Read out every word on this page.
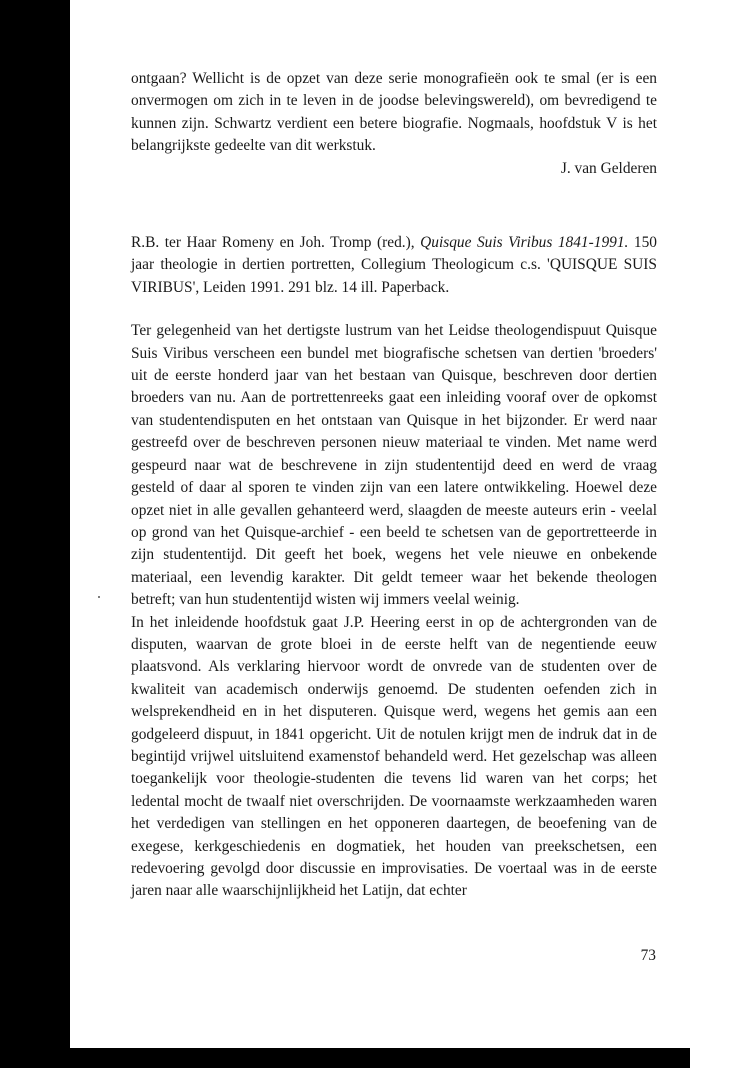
ontgaan? Wellicht is de opzet van deze serie monografieën ook te smal (er is een onvermogen om zich in te leven in de joodse belevingswereld), om bevredigend te kunnen zijn. Schwartz verdient een betere biografie. Nogmaals, hoofdstuk V is het belangrijkste gedeelte van dit werkstuk.

J. van Gelderen

R.B. ter Haar Romeny en Joh. Tromp (red.), Quisque Suis Viribus 1841-1991. 150 jaar theologie in dertien portretten, Collegium Theologicum c.s. 'QUISQUE SUIS VIRIBUS', Leiden 1991. 291 blz. 14 ill. Paperback.

Ter gelegenheid van het dertigste lustrum van het Leidse theologendispuut Quisque Suis Viribus verscheen een bundel met biografische schetsen van dertien 'broeders' uit de eerste honderd jaar van het bestaan van Quisque, beschreven door dertien broeders van nu. Aan de portrettenreeks gaat een inleiding vooraf over de opkomst van studentendisputen en het ontstaan van Quisque in het bijzonder. Er werd naar gestreefd over de beschreven personen nieuw materiaal te vinden. Met name werd gespeurd naar wat de beschrevene in zijn studententijd deed en werd de vraag gesteld of daar al sporen te vinden zijn van een latere ontwikkeling. Hoewel deze opzet niet in alle gevallen gehanteerd werd, slaagden de meeste auteurs erin - veelal op grond van het Quisque-archief - een beeld te schetsen van de geportretteerde in zijn studententijd. Dit geeft het boek, wegens het vele nieuwe en onbekende materiaal, een levendig karakter. Dit geldt temeer waar het bekende theologen betreft; van hun studententijd wisten wij immers veelal weinig.

In het inleidende hoofdstuk gaat J.P. Heering eerst in op de achtergronden van de disputen, waarvan de grote bloei in de eerste helft van de negentiende eeuw plaatsvond. Als verklaring hiervoor wordt de onvrede van de studenten over de kwaliteit van academisch onderwijs genoemd. De studenten oefenden zich in welsprekendheid en in het disputeren. Quisque werd, wegens het gemis aan een godgeleerd dispuut, in 1841 opgericht. Uit de notulen krijgt men de indruk dat in de begintijd vrijwel uitsluitend examenstof behandeld werd. Het gezelschap was alleen toegankelijk voor theologie-studenten die tevens lid waren van het corps; het ledental mocht de twaalf niet overschrijden. De voornaamste werkzaamheden waren het verdedigen van stellingen en het opponeren daartegen, de beoefening van de exegese, kerkgeschiedenis en dogmatiek, het houden van preekschetsen, een redevoering gevolgd door discussie en improvisaties. De voertaal was in de eerste jaren naar alle waarschijnlijkheid het Latijn, dat echter

73
